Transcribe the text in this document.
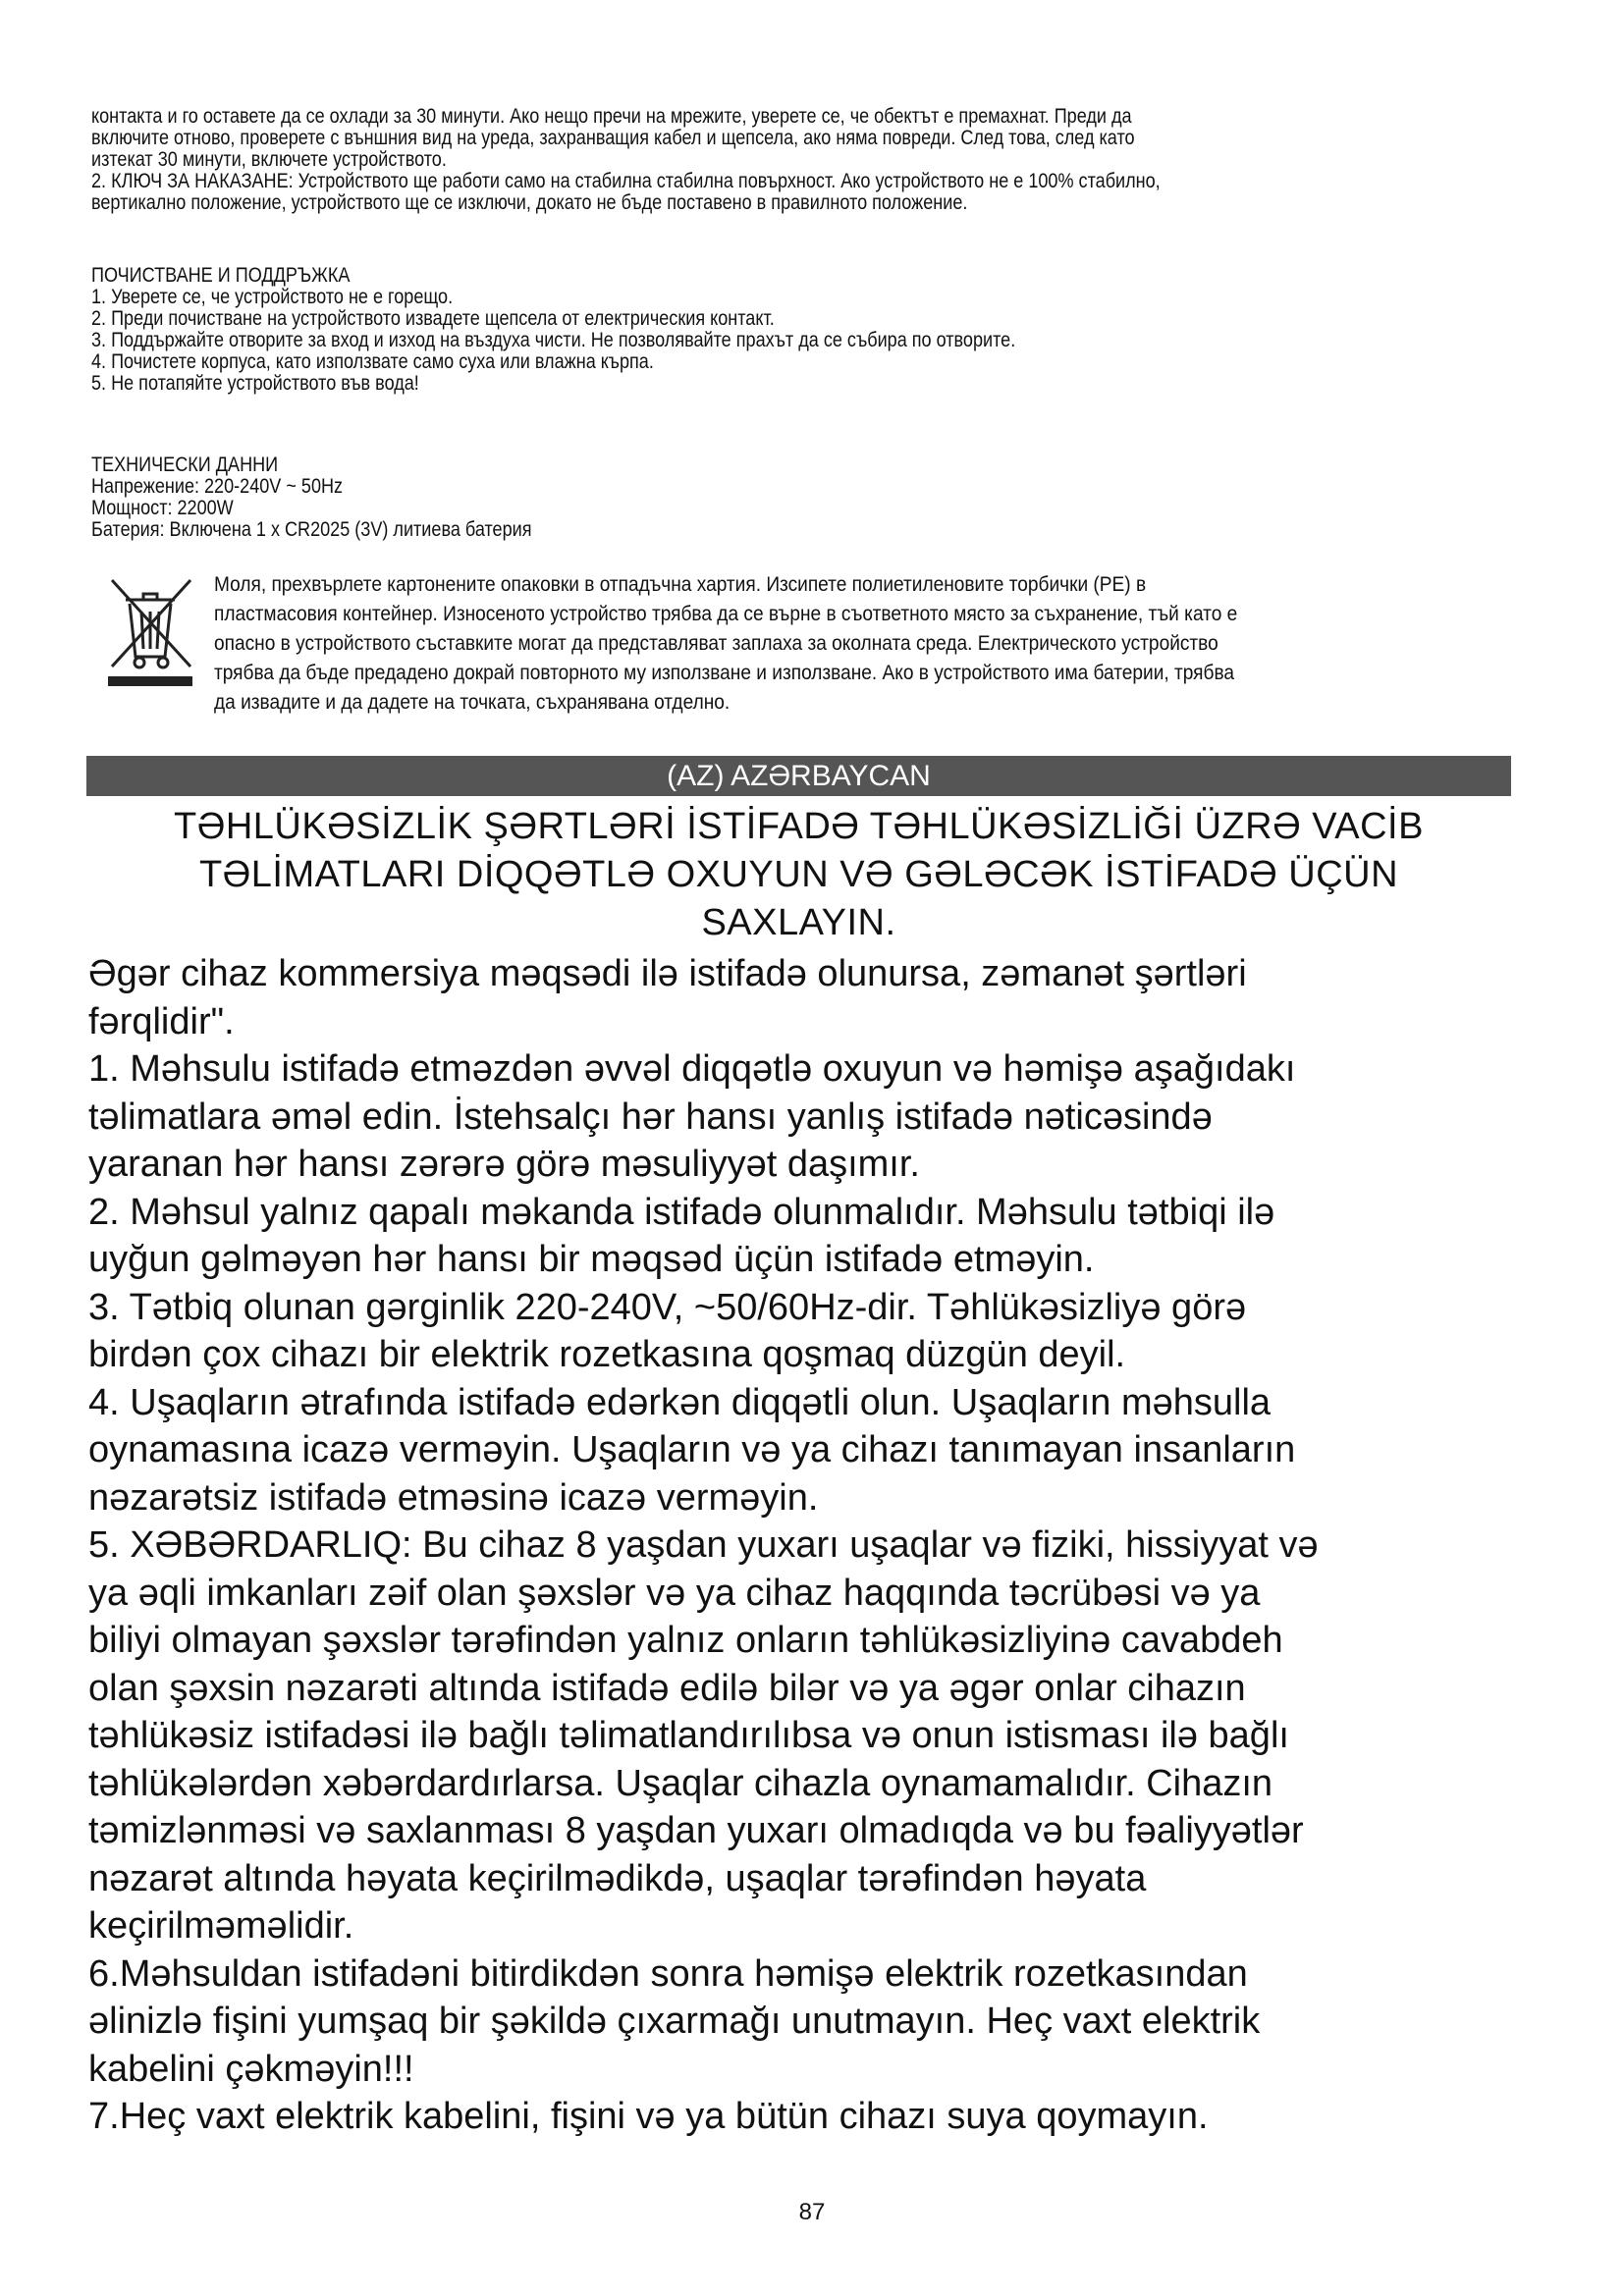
контакта и го оставете да се охлади за 30 минути. Ако нещо пречи на мрежите, уверете се, че обектът е премахнат. Преди да

включите отново, проверете с външния вид на уреда, захранващия кабел и щепсела, ако няма повреди. След това, след като

изтекат 30 минути, включете устройството.

2. КЛЮЧ ЗА НАКАЗАНЕ: Устройството ще работи само на стабилна стабилна повърхност. Ако устройството не е 100% стабилно,

вертикално положение, устройството ще се изключи, докато не бъде поставено в правилното положение.

ПОЧИСТВАНЕ И ПОДДРЪЖКА

1. Уверете се, че устройството не е горещо.

2. Преди почистване на устройството извадете щепсела от електрическия контакт.

3. Поддържайте отворите за вход и изход на въздуха чисти. Не позволявайте прахът да се събира по отворите.

4. Почистете корпуса, като използвате само суха или влажна кърпа.

5. Не потапяйте устройството във вода!

ТЕХНИЧЕСКИ ДАННИ

Напрежение: 220-240V ~ 50Hz

Мощност: 2200W

Батерия: Включена 1 x CR2025 (3V) литиева батерия

Моля, прехвърлете картонените опаковки в отпадъчна хартия. Изсипете полиетиленовите торбички (PE) в

пластмасовия контейнер. Износеното устройство трябва да се върне в съответното място за съхранение, тъй като е

опасно в устройството съставките могат да представляват заплаха за околната среда. Електрическото устройство

трябва да бъде предадено докрай повторното му използване и използване. Ако в устройството има батерии, трябва

да извадите и да дадете на точката, съхранявана отделно.

(AZ) AZƏRBAYCAN

TƏHLÜKƏSİZLİK ŞƏRTLƏRİ İSTİFADƏ TƏHLÜKƏSİZLİĞİ ÜZRƏ VACİB

TƏLİMATLARI DİQQƏTLƏ OXUYUN VƏ GƏLƏCƏK İSTİFADƏ ÜÇÜN

SAXLAYIN.

Əgər cihaz kommersiya məqsədi ilə istifadə olunursa, zəmanət şərtləri

fərqlidir".

1. Məhsulu istifadə etməzdən əvvəl diqqətlə oxuyun və həmişə aşağıdakı

təlimatlara əməl edin. İstehsalçı hər hansı yanlış istifadə nəticəsində

yaranan hər hansı zərərə görə məsuliyyət daşımır.

2. Məhsul yalnız qapalı məkanda istifadə olunmalıdır. Məhsulu tətbiqi ilə

uyğun gəlməyən hər hansı bir məqsəd üçün istifadə etməyin.

3. Tətbiq olunan gərginlik 220-240V, ~50/60Hz-dir. Təhlükəsizliyə görə

birdən çox cihazı bir elektrik rozetkasına qoşmaq düzgün deyil.

4. Uşaqların ətrafında istifadə edərkən diqqətli olun. Uşaqların məhsulla

oynamasına icazə verməyin. Uşaqların və ya cihazı tanımayan insanların

nəzarətsiz istifadə etməsinə icazə verməyin.

5. XƏBƏRDARLIQ: Bu cihaz 8 yaşdan yuxarı uşaqlar və fiziki, hissiyyat və

ya əqli imkanları zəif olan şəxslər və ya cihaz haqqında təcrübəsi və ya

biliyi olmayan şəxslər tərəfindən yalnız onların təhlükəsizliyinə cavabdeh

olan şəxsin nəzarəti altında istifadə edilə bilər və ya əgər onlar cihazın

təhlükəsiz istifadəsi ilə bağlı təlimatlandırılıbsa və onun istisması ilə bağlı

təhlükələrdən xəbərdardırlarsa. Uşaqlar cihazla oynamamalıdır. Cihazın

təmizlənməsi və saxlanması 8 yaşdan yuxarı olmadıqda və bu fəaliyyətlər

nəzarət altında həyata keçirilmədikdə, uşaqlar tərəfindən həyata

keçirilməməlidir.

6.Məhsuldan istifadəni bitirdikdən sonra həmişə elektrik rozetkasından

əlinizlə fişini yumşaq bir şəkildə çıxarmağı unutmayın. Heç vaxt elektrik

kabelini çəkməyin!!!

7.Heç vaxt elektrik kabelini, fişini və ya bütün cihazı suya qoymayın.

87
